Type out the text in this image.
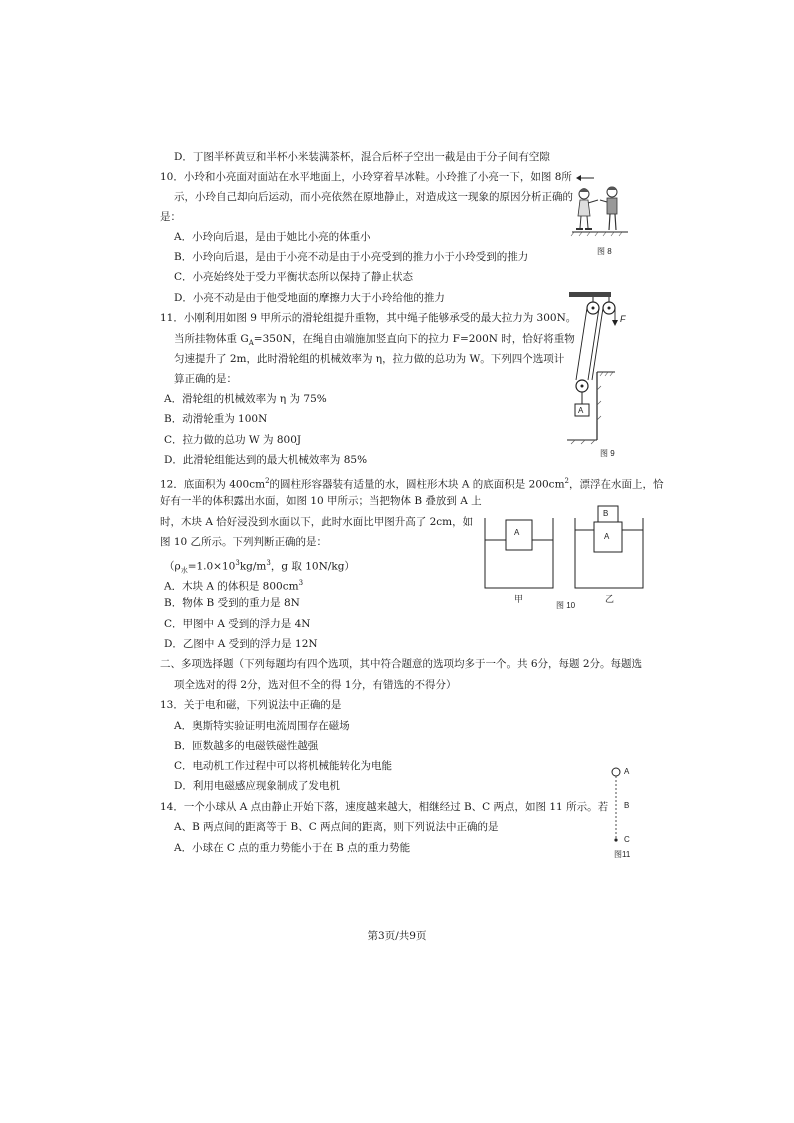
D．丁图半杯黄豆和半杯小米装满茶杯，混合后杯子空出一截是由于分子间有空隙
10．小玲和小亮面对面站在水平地面上，小玲穿着旱冰鞋。小玲推了小亮一下，如图 8所
示，小玲自己却向后运动，而小亮依然在原地静止，对造成这一现象的原因分析正确的
是：
A．小玲向后退，是由于她比小亮的体重小
B．小玲向后退，是由于小亮不动是由于小亮受到的推力小于小玲受到的推力
C．小亮始终处于受力平衡状态所以保持了静止状态
D．小亮不动是由于他受地面的摩擦力大于小玲给他的推力
11．小刚利用如图 9 甲所示的滑轮组提升重物，其中绳子能够承受的最大拉力为 300N。
当所挂物体重 $G_A=350N$，在绳自由端施加竖直向下的拉力 F=200N 时，恰好将重物
匀速提升了 2m，此时滑轮组的机械效率为 η，拉力做的总功为 W。下列四个选项计
算正确的是：
A．滑轮组的机械效率为 η 为 75%
B．动滑轮重为 100N
C．拉力做的总功 W 为 800J
D．此滑轮组能达到的最大机械效率为 85%
12．底面积为 $400cm^2$的圆柱形容器装有适量的水，圆柱形木块 A 的底面积是 $200cm^2$，漂浮在水面上，恰
好有一半的体积露出水面，如图 10 甲所示；当把物体 B 叠放到 A 上
时，木块 A 恰好浸没到水面以下，此时水面比甲图升高了 2cm，如
图 10 乙所示。下列判断正确的是：
（$\rho_水=1.0\times 10^3kg/m^3$，g 取 10N/kg）
A．木块 A 的体积是 $800cm^3$
B．物体 B 受到的重力是 8N
C．甲图中 A 受到的浮力是 4N
D．乙图中 A 受到的浮力是 12N
二、多项选择题（下列每题均有四个选项，其中符合题意的选项均多于一个。共 6分，每题 2分。每题选
项全选对的得 2分，选对但不全的得 1分，有错选的不得分）
13．关于电和磁，下列说法中正确的是
A．奥斯特实验证明电流周围存在磁场
B．匝数越多的电磁铁磁性越强
C．电动机工作过程中可以将机械能转化为电能
D．利用电磁感应现象制成了发电机
14．一个小球从 A 点由静止开始下落，速度越来越大，相继经过 B、C 两点，如图 11 所示。若
A、B 两点间的距离等于 B、C 两点间的距离，则下列说法中正确的是
A．小球在 C 点的重力势能小于在 B 点的重力势能
图 8
F
A
图 9
A
B
A
甲
图 10
乙
A
B
C
图11
第3页/共9页
